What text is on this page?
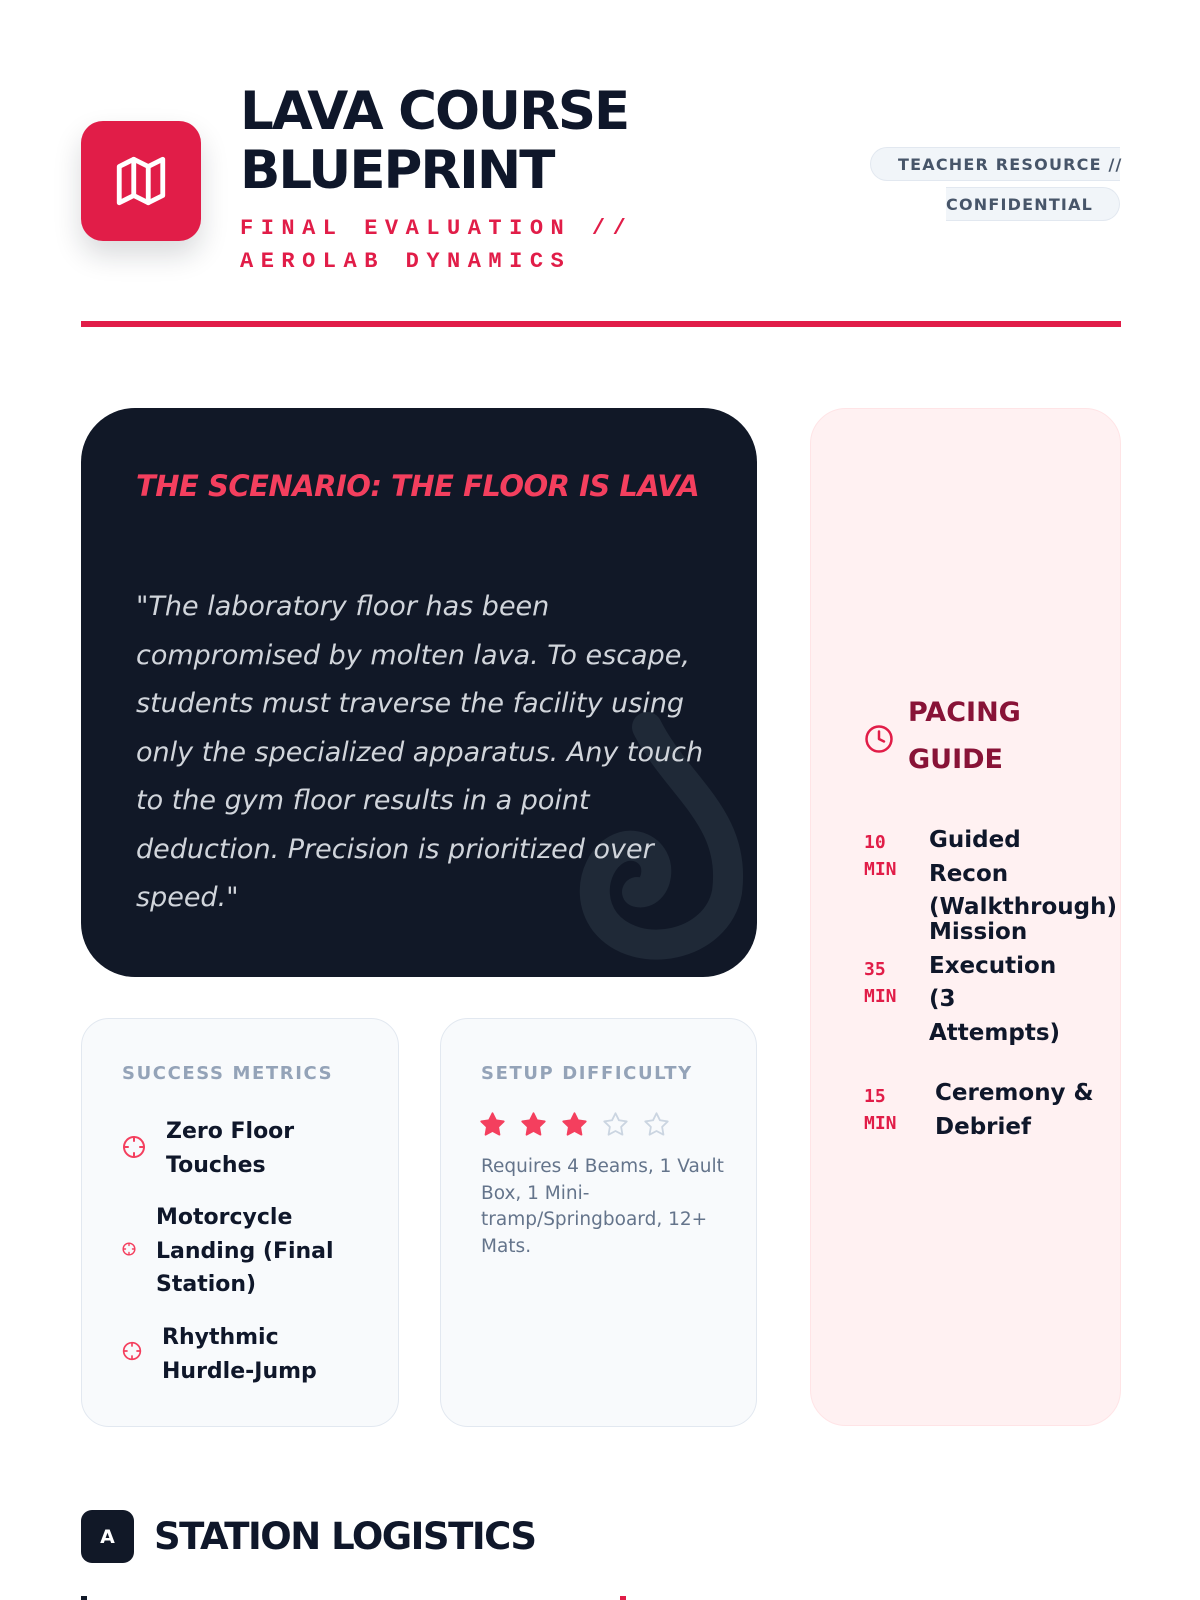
LAVA COURSE BLUEPRINT
FINAL EVALUATION // AEROLAB DYNAMICS
TEACHER RESOURCE //
CONFIDENTIAL
THE SCENARIO: THE FLOOR IS LAVA

"The laboratory floor has been compromised by molten lava. To escape, students must traverse the facility using only the specialized apparatus. Any touch to the gym floor results in a point deduction. Precision is prioritized over speed."

PACING GUIDE
10
MIN
Guided Recon (Walkthrough)
35
MIN
Mission Execution (3 Attempts)
15
MIN
Ceremony & Debrief
SUCCESS METRICS
Zero Floor Touches
Motorcycle Landing (Final Station)
Rhythmic Hurdle-Jump
SETUP DIFFICULTY

Requires 4 Beams, 1 Vault Box, 1 Mini-tramp/Springboard, 12+ Mats.

A	STATION LOGISTICS
